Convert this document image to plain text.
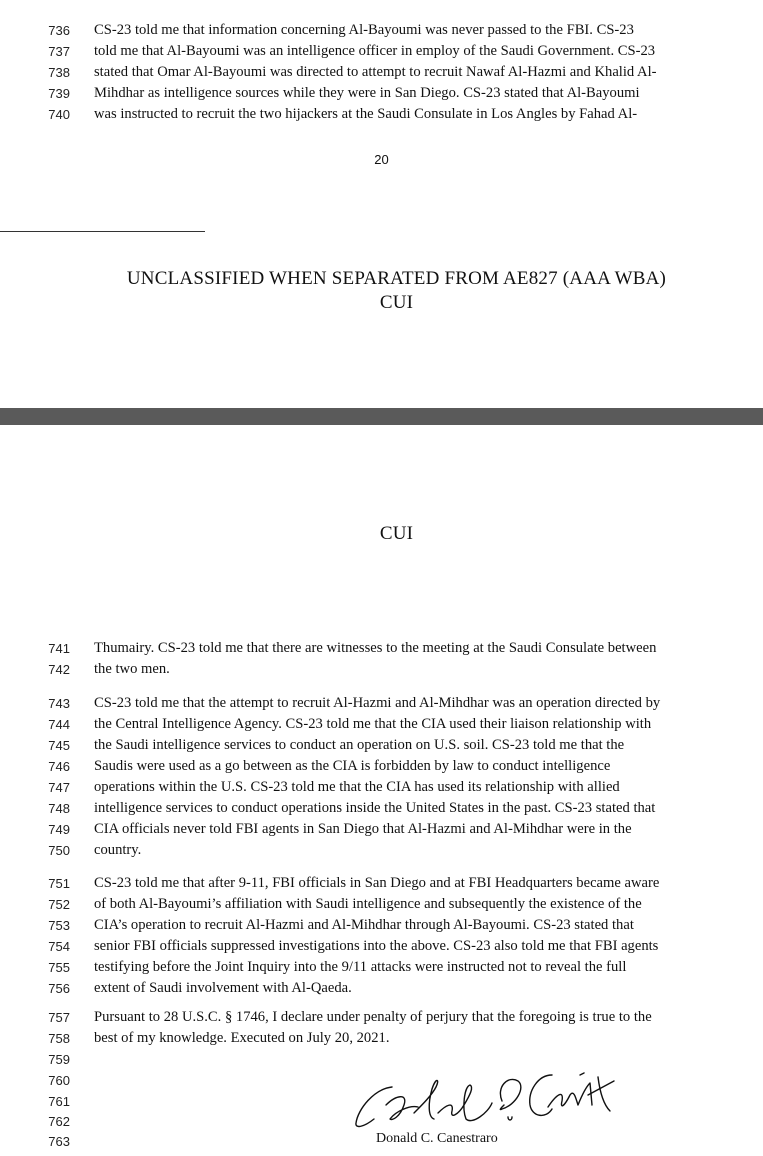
736 CS-23 told me that information concerning Al-Bayoumi was never passed to the FBI. CS-23
737 told me that Al-Bayoumi was an intelligence officer in employ of the Saudi Government. CS-23
738 stated that Omar Al-Bayoumi was directed to attempt to recruit Nawaf Al-Hazmi and Khalid Al-
739 Mihdhar as intelligence sources while they were in San Diego. CS-23 stated that Al-Bayoumi
740 was instructed to recruit the two hijackers at the Saudi Consulate in Los Angles by Fahad Al-
20
UNCLASSIFIED WHEN SEPARATED FROM AE827 (AAA WBA)
CUI
CUI
741 Thumairy. CS-23 told me that there are witnesses to the meeting at the Saudi Consulate between
742 the two men.
743 CS-23 told me that the attempt to recruit Al-Hazmi and Al-Mihdhar was an operation directed by
744 the Central Intelligence Agency. CS-23 told me that the CIA used their liaison relationship with
745 the Saudi intelligence services to conduct an operation on U.S. soil. CS-23 told me that the
746 Saudis were used as a go between as the CIA is forbidden by law to conduct intelligence
747 operations within the U.S. CS-23 told me that the CIA has used its relationship with allied
748 intelligence services to conduct operations inside the United States in the past. CS-23 stated that
749 CIA officials never told FBI agents in San Diego that Al-Hazmi and Al-Mihdhar were in the
750 country.
751 CS-23 told me that after 9-11, FBI officials in San Diego and at FBI Headquarters became aware
752 of both Al-Bayoumi’s affiliation with Saudi intelligence and subsequently the existence of the
753 CIA’s operation to recruit Al-Hazmi and Al-Mihdhar through Al-Bayoumi. CS-23 stated that
754 senior FBI officials suppressed investigations into the above. CS-23 also told me that FBI agents
755 testifying before the Joint Inquiry into the 9/11 attacks were instructed not to reveal the full
756 extent of Saudi involvement with Al-Qaeda.
757 Pursuant to 28 U.S.C. § 1746, I declare under penalty of perjury that the foregoing is true to the
758 best of my knowledge. Executed on July 20, 2021.
759
760
761
762
763	Donald C. Canestraro
